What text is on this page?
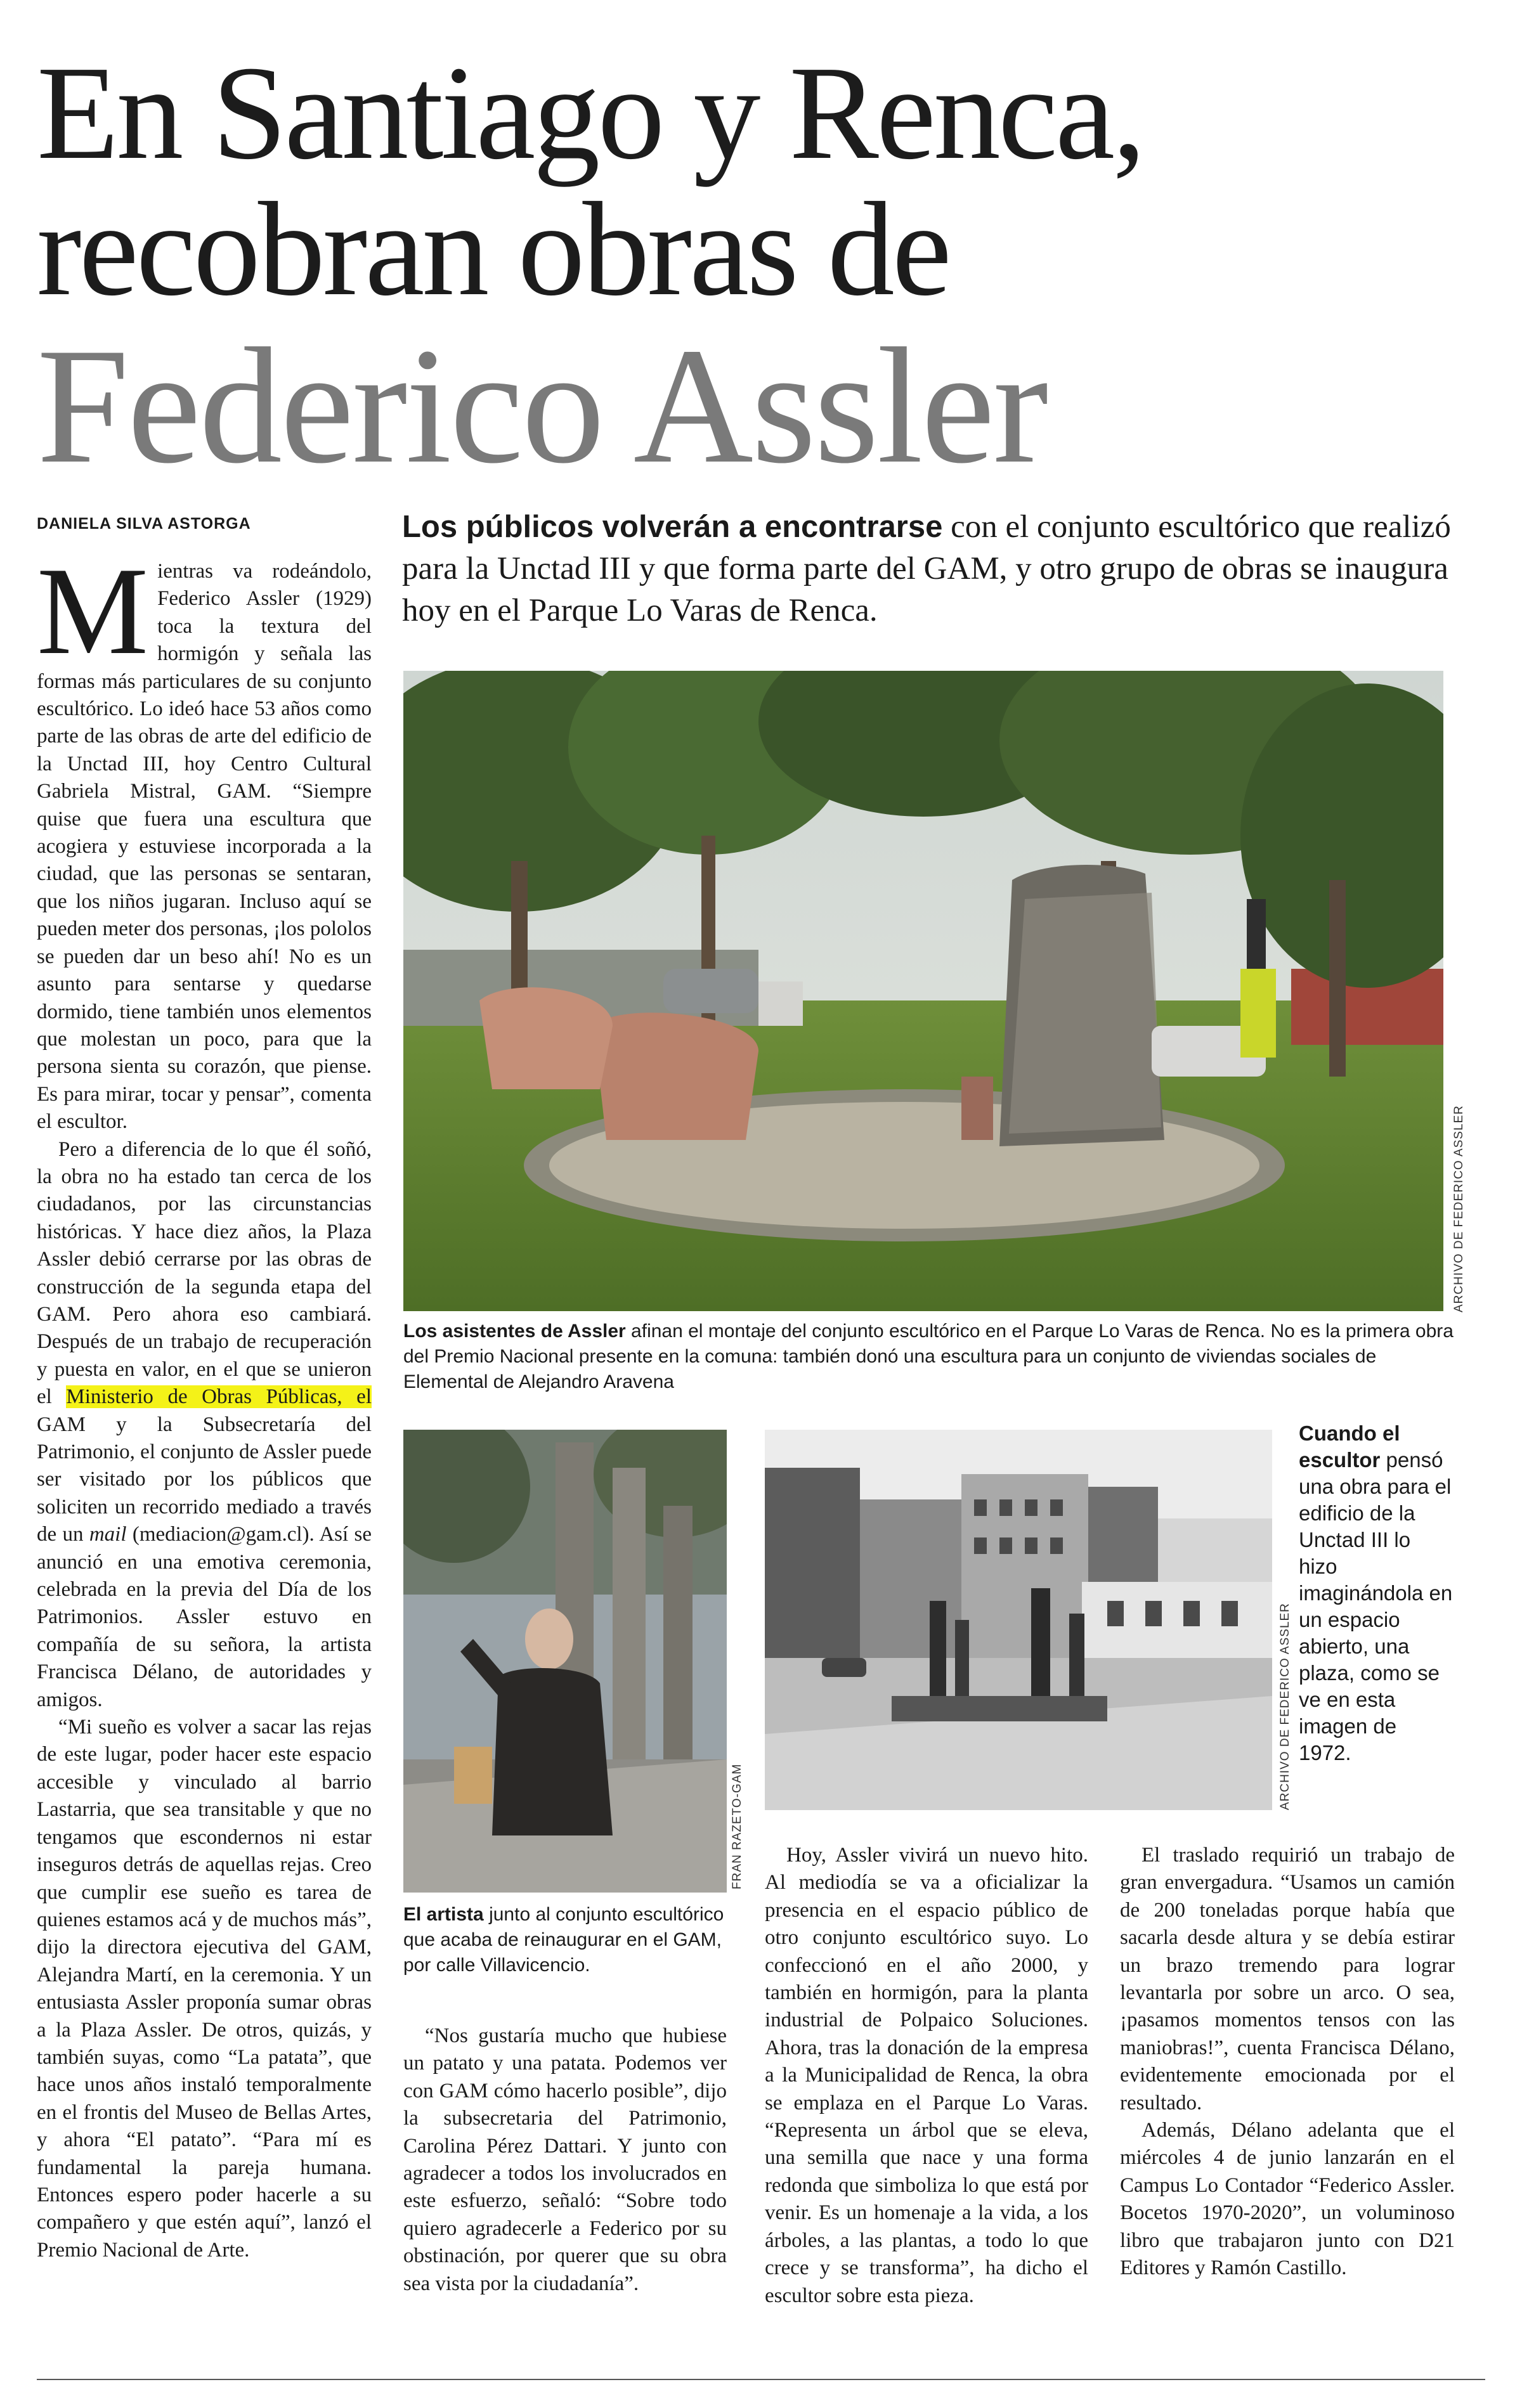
En Santiago y Renca,
recobran obras de
Federico Assler
DANIELA SILVA ASTORGA	Los públicos volverán a encontrarse con el conjunto escultórico que realizó para la Unctad III y que forma parte del GAM, y otro grupo de obras se inaugura hoy en el Parque Lo Varas de Renca.

Mientras va rodeándolo, Federico Assler (1929) toca la textura del hormigón y señala las formas más particulares de su conjunto escultórico. Lo ideó hace 53 años como parte de las obras de arte del edificio de la Unctad III, hoy Centro Cultural Gabriela Mistral, GAM. “Siempre quise que fuera una escultura que acogiera y estuviese incorporada a la ciudad, que las personas se sentaran, que los niños jugaran. Incluso aquí se pueden meter dos personas, ¡los pololos se pueden dar un beso ahí! No es un asunto para sentarse y quedarse dormido, tiene también unos elementos que molestan un poco, para que la persona sienta su corazón, que piense. Es para mirar, tocar y pensar”, comenta el escultor.

Pero a diferencia de lo que él soñó, la obra no ha estado tan cerca de los ciudadanos, por las circunstancias históricas. Y hace diez años, la Plaza Assler debió cerrarse por las obras de construcción de la segunda etapa del GAM. Pero ahora eso cambiará. Después de un trabajo de recuperación y puesta en valor, en el que se unieron el Ministerio de Obras Públicas, el GAM y la Subsecretaría del Patrimonio, el conjunto de Assler puede ser visitado por los públicos que soliciten un recorrido mediado a través de un mail (mediacion@gam.cl). Así se anunció en una emotiva ceremonia, celebrada en la previa del Día de los Patrimonios. Assler estuvo en compañía de su señora, la artista Francisca Délano, de autoridades y amigos.

“Mi sueño es volver a sacar las rejas de este lugar, poder hacer este espacio accesible y vinculado al barrio Lastarria, que sea transitable y que no tengamos que escondernos ni estar inseguros detrás de aquellas rejas. Creo que cumplir ese sueño es tarea de quienes estamos acá y de muchos más”, dijo la directora ejecutiva del GAM, Alejandra Martí, en la ceremonia. Y un entusiasta Assler proponía sumar obras a la Plaza Assler. De otros, quizás, y también suyas, como “La patata”, que hace unos años instaló temporalmente en el frontis del Museo de Bellas Artes, y ahora “El patato”. “Para mí es fundamental la pareja humana. Entonces espero poder hacerle a su compañero y que estén aquí”, lanzó el Premio Nacional de Arte.

ARCHIVO DE FEDERICO ASSLER
Los asistentes de Assler afinan el montaje del conjunto escultórico en el Parque Lo Varas de Renca. No es la primera obra del Premio Nacional presente en la comuna: también donó una escultura para un conjunto de viviendas sociales de Elemental de Alejandro Aravena
FRAN RAZETO-GAM
El artista junto al conjunto escultórico que acaba de reinaugurar en el GAM, por calle Villavicencio.
ARCHIVO DE FEDERICO ASSLER
Cuando el escultor pensó una obra para el edificio de la Unctad III lo hizo imaginándola en un espacio abierto, una plaza, como se ve en esta imagen de 1972.

“Nos gustaría mucho que hubiese un patato y una patata. Podemos ver con GAM cómo hacerlo posible”, dijo la subsecretaria del Patrimonio, Carolina Pérez Dattari. Y junto con agradecer a todos los involucrados en este esfuerzo, señaló: “Sobre todo quiero agradecerle a Federico por su obstinación, por querer que su obra sea vista por la ciudadanía”.

Hoy, Assler vivirá un nuevo hito. Al mediodía se va a oficializar la presencia en el espacio público de otro conjunto escultórico suyo. Lo confeccionó en el año 2000, y también en hormigón, para la planta industrial de Polpaico Soluciones. Ahora, tras la donación de la empresa a la Municipalidad de Renca, la obra se emplaza en el Parque Lo Varas. “Representa un árbol que se eleva, una semilla que nace y una forma redonda que simboliza lo que está por venir. Es un homenaje a la vida, a los árboles, a las plantas, a todo lo que crece y se transforma”, ha dicho el escultor sobre esta pieza.

El traslado requirió un trabajo de gran envergadura. “Usamos un camión de 200 toneladas porque había que sacarla desde altura y se debía estirar un brazo tremendo para lograr levantarla por sobre un arco. O sea, ¡pasamos momentos tensos con las maniobras!”, cuenta Francisca Délano, evidentemente emocionada por el resultado.

Además, Délano adelanta que el miércoles 4 de junio lanzarán en el Campus Lo Contador “Federico Assler. Bocetos 1970-2020”, un voluminoso libro que trabajaron junto con D21 Editores y Ramón Castillo.
